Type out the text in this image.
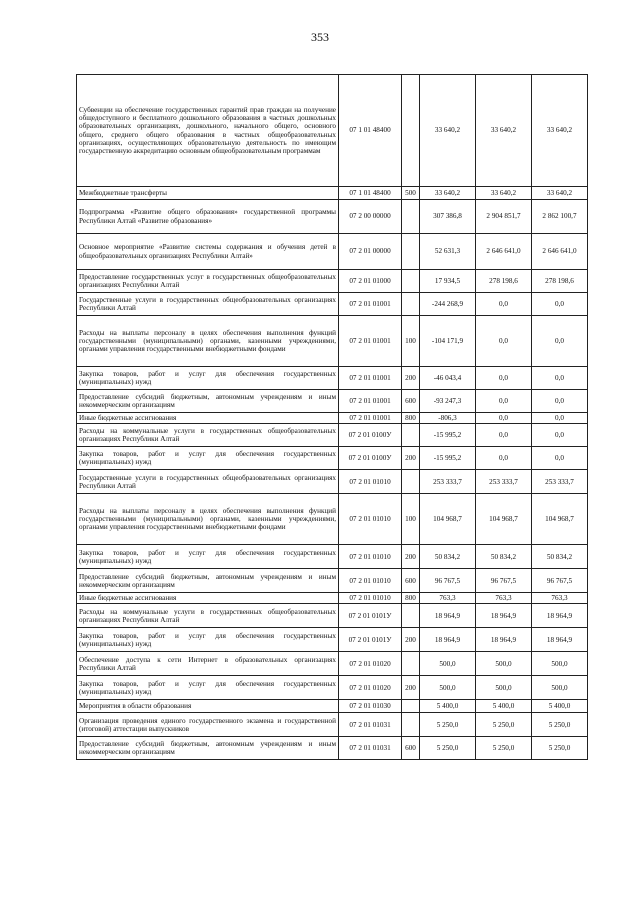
353
Субвенции на обеспечение государственных гарантий прав граждан на получение общедоступного и бесплатного дошкольного образования в частных дошкольных образовательных организациях, дошкольного, начального общего, основного общего, среднего общего образования в частных общеобразовательных организациях, осуществляющих образовательную деятельность по имеющим государственную аккредитацию основным общеобразовательным программам	07 1 01 48400		33 640,2	33 640,2	33 640,2
Межбюджетные трансферты	07 1 01 48400	500	33 640,2	33 640,2	33 640,2
Подпрограмма «Развитие общего образования» государственной программы Республики Алтай «Развитие образования»	07 2 00 00000		307 386,8	2 904 851,7	2 862 100,7
Основное мероприятие «Развитие системы содержания и обучения детей в общеобразовательных организациях Республики Алтай»	07 2 01 00000		52 631,3	2 646 641,0	2 646 641,0
Предоставление государственных услуг в государственных общеобразовательных организациях Республики Алтай	07 2 01 01000		17 934,5	278 198,6	278 198,6
Государственные услуги в государственных общеобразовательных организациях Республики Алтай	07 2 01 01001		-244 268,9	0,0	0,0
Расходы на выплаты персоналу в целях обеспечения выполнения функций государственными (муниципальными) органами, казенными учреждениями, органами управления государственными внебюджетными фондами	07 2 01 01001	100	-104 171,9	0,0	0,0
Закупка товаров, работ и услуг для обеспечения государственных (муниципальных) нужд	07 2 01 01001	200	-46 043,4	0,0	0,0
Предоставление субсидий бюджетным, автономным учреждениям и иным некоммерческим организациям	07 2 01 01001	600	-93 247,3	0,0	0,0
Иные бюджетные ассигнования	07 2 01 01001	800	-806,3	0,0	0,0
Расходы на коммунальные услуги в государственных общеобразовательных организациях Республики Алтай	07 2 01 0100У		-15 995,2	0,0	0,0
Закупка товаров, работ и услуг для обеспечения государственных (муниципальных) нужд	07 2 01 0100У	200	-15 995,2	0,0	0,0
Государственные услуги в государственных общеобразовательных организациях Республики Алтай	07 2 01 01010		253 333,7	253 333,7	253 333,7
Расходы на выплаты персоналу в целях обеспечения выполнения функций государственными (муниципальными) органами, казенными учреждениями, органами управления государственными внебюджетными фондами	07 2 01 01010	100	104 968,7	104 968,7	104 968,7
Закупка товаров, работ и услуг для обеспечения государственных (муниципальных) нужд	07 2 01 01010	200	50 834,2	50 834,2	50 834,2
Предоставление субсидий бюджетным, автономным учреждениям и иным некоммерческим организациям	07 2 01 01010	600	96 767,5	96 767,5	96 767,5
Иные бюджетные ассигнования	07 2 01 01010	800	763,3	763,3	763,3
Расходы на коммунальные услуги в государственных общеобразовательных организациях Республики Алтай	07 2 01 0101У		18 964,9	18 964,9	18 964,9
Закупка товаров, работ и услуг для обеспечения государственных (муниципальных) нужд	07 2 01 0101У	200	18 964,9	18 964,9	18 964,9
Обеспечение доступа к сети Интернет в образовательных организациях Республики Алтай	07 2 01 01020		500,0	500,0	500,0
Закупка товаров, работ и услуг для обеспечения государственных (муниципальных) нужд	07 2 01 01020	200	500,0	500,0	500,0
Мероприятия в области образования	07 2 01 01030		5 400,0	5 400,0	5 400,0
Организация проведения единого государственного экзамена и государственной (итоговой) аттестации выпускников	07 2 01 01031		5 250,0	5 250,0	5 250,0
Предоставление субсидий бюджетным, автономным учреждениям и иным некоммерческим организациям	07 2 01 01031	600	5 250,0	5 250,0	5 250,0
